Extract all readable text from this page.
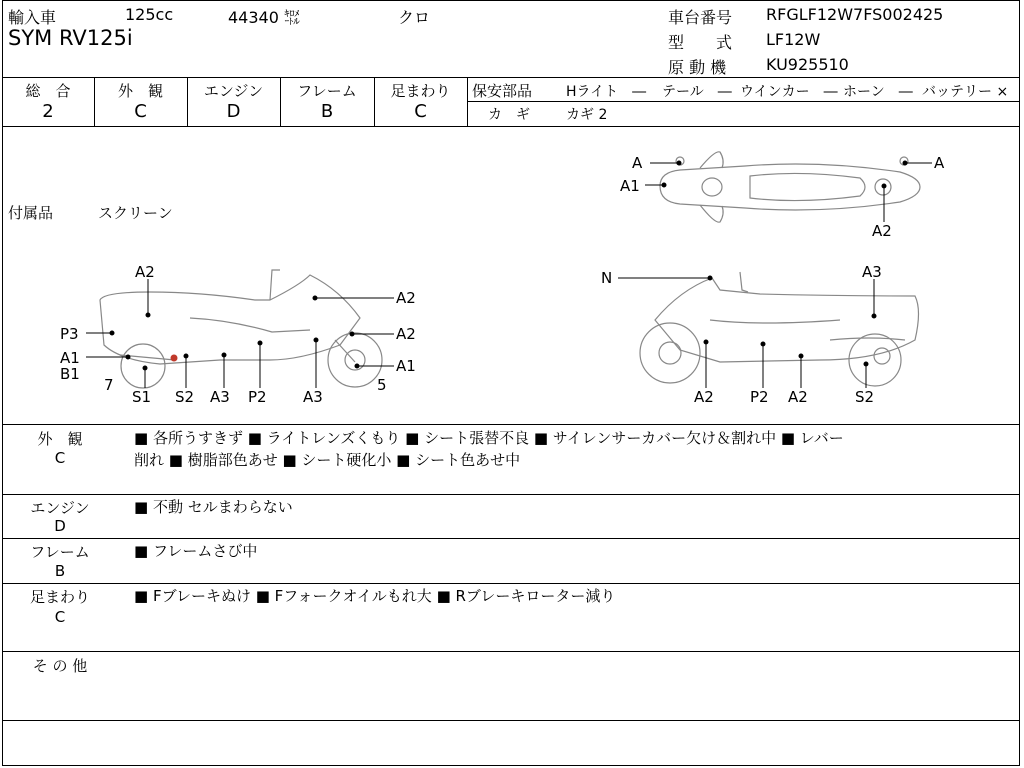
輸入車	125cc	44340 ㌖	クロ
SYM RV125i
車台番号 RFGLF12W7FS002425
型　　式 LF12W
原 動 機 KU925510
総　合
2
外　観
C
エンジン
D
フレーム
B
足まわり
C
保安部品 Hライト　― テール　― ウインカー　― ホーン　― バッテリー ×
カ　ギ	カギ 2
付属品	スクリーン
A
A1
A
A2
A2
A2
A2
P3
A1
B1	A1
7	5
S1 S2 A3 P2 A3
N	A3
A2 P2 A2	S2
外　観
C
■ 各所うすきず ■ ライトレンズくもり ■ シート張替不良 ■ サイレンサーカバー欠け＆割れ中 ■ レバー
削れ ■ 樹脂部色あせ ■ シート硬化小 ■ シート色あせ中
エンジン
D
■ 不動 セルまわらない
フレーム
B
■ フレームさび中
足まわり
C
■ Fブレーキぬけ ■ Fフォークオイルもれ大 ■ Rブレーキローター減り
そ の 他
